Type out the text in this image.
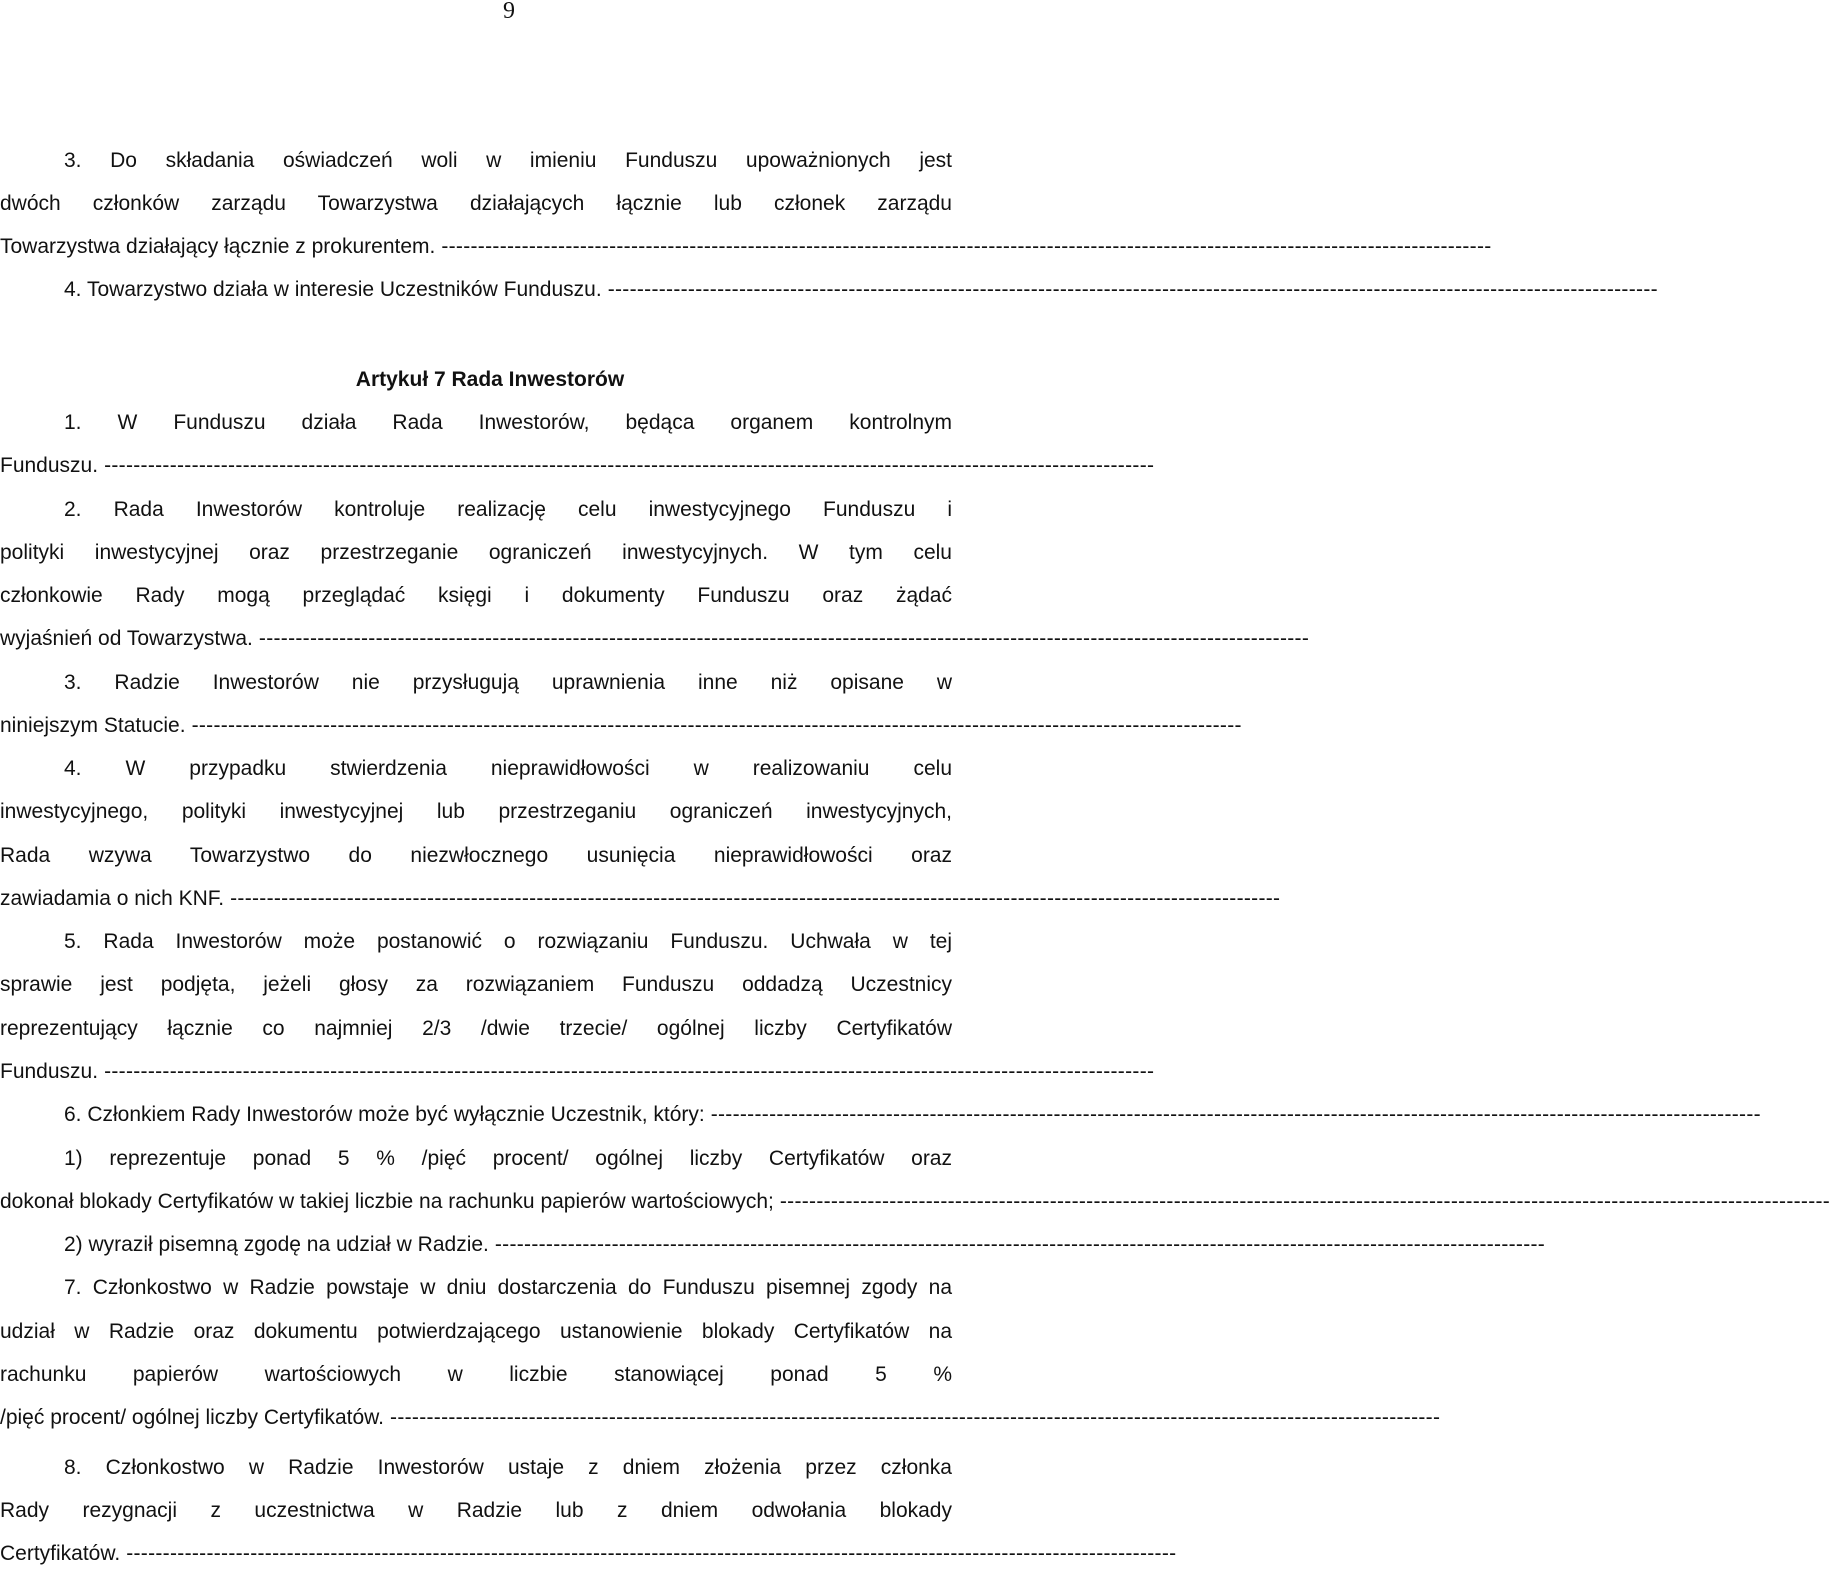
9
3. Do składania oświadczeń woli w imieniu Funduszu upoważnionych jest
dwóch członków zarządu Towarzystwa działających łącznie lub członek zarządu
Towarzystwa działający łącznie z prokurentem. ------------------------------------------------------------------------------------------------------------------------------------------------
4. Towarzystwo działa w interesie Uczestników Funduszu. ------------------------------------------------------------------------------------------------------------------------------------------------
Artykuł 7 Rada Inwestorów
1. W Funduszu działa Rada Inwestorów, będąca organem kontrolnym
Funduszu. ------------------------------------------------------------------------------------------------------------------------------------------------
2. Rada Inwestorów kontroluje realizację celu inwestycyjnego Funduszu i
polityki inwestycyjnej oraz przestrzeganie ograniczeń inwestycyjnych. W tym celu
członkowie Rady mogą przeglądać księgi i dokumenty Funduszu oraz żądać
wyjaśnień od Towarzystwa. ------------------------------------------------------------------------------------------------------------------------------------------------
3. Radzie Inwestorów nie przysługują uprawnienia inne niż opisane w
niniejszym Statucie. ------------------------------------------------------------------------------------------------------------------------------------------------
4. W przypadku stwierdzenia nieprawidłowości w realizowaniu celu
inwestycyjnego, polityki inwestycyjnej lub przestrzeganiu ograniczeń inwestycyjnych,
Rada wzywa Towarzystwo do niezwłocznego usunięcia nieprawidłowości oraz
zawiadamia o nich KNF. ------------------------------------------------------------------------------------------------------------------------------------------------
5. Rada Inwestorów może postanowić o rozwiązaniu Funduszu. Uchwała w tej
sprawie jest podjęta, jeżeli głosy za rozwiązaniem Funduszu oddadzą Uczestnicy
reprezentujący łącznie co najmniej 2/3 /dwie trzecie/ ogólnej liczby Certyfikatów
Funduszu. ------------------------------------------------------------------------------------------------------------------------------------------------
6. Członkiem Rady Inwestorów może być wyłącznie Uczestnik, który: ------------------------------------------------------------------------------------------------------------------------------------------------
1) reprezentuje ponad 5 % /pięć procent/ ogólnej liczby Certyfikatów oraz
dokonał blokady Certyfikatów w takiej liczbie na rachunku papierów wartościowych; ------------------------------------------------------------------------------------------------------------------------------------------------
2) wyraził pisemną zgodę na udział w Radzie. ------------------------------------------------------------------------------------------------------------------------------------------------
7. Członkostwo w Radzie powstaje w dniu dostarczenia do Funduszu pisemnej zgody na
udział w Radzie oraz dokumentu potwierdzającego ustanowienie blokady Certyfikatów na
rachunku papierów wartościowych w liczbie stanowiącej ponad 5 %
/pięć procent/ ogólnej liczby Certyfikatów. ------------------------------------------------------------------------------------------------------------------------------------------------
8. Członkostwo w Radzie Inwestorów ustaje z dniem złożenia przez członka
Rady rezygnacji z uczestnictwa w Radzie lub z dniem odwołania blokady
Certyfikatów. ------------------------------------------------------------------------------------------------------------------------------------------------
